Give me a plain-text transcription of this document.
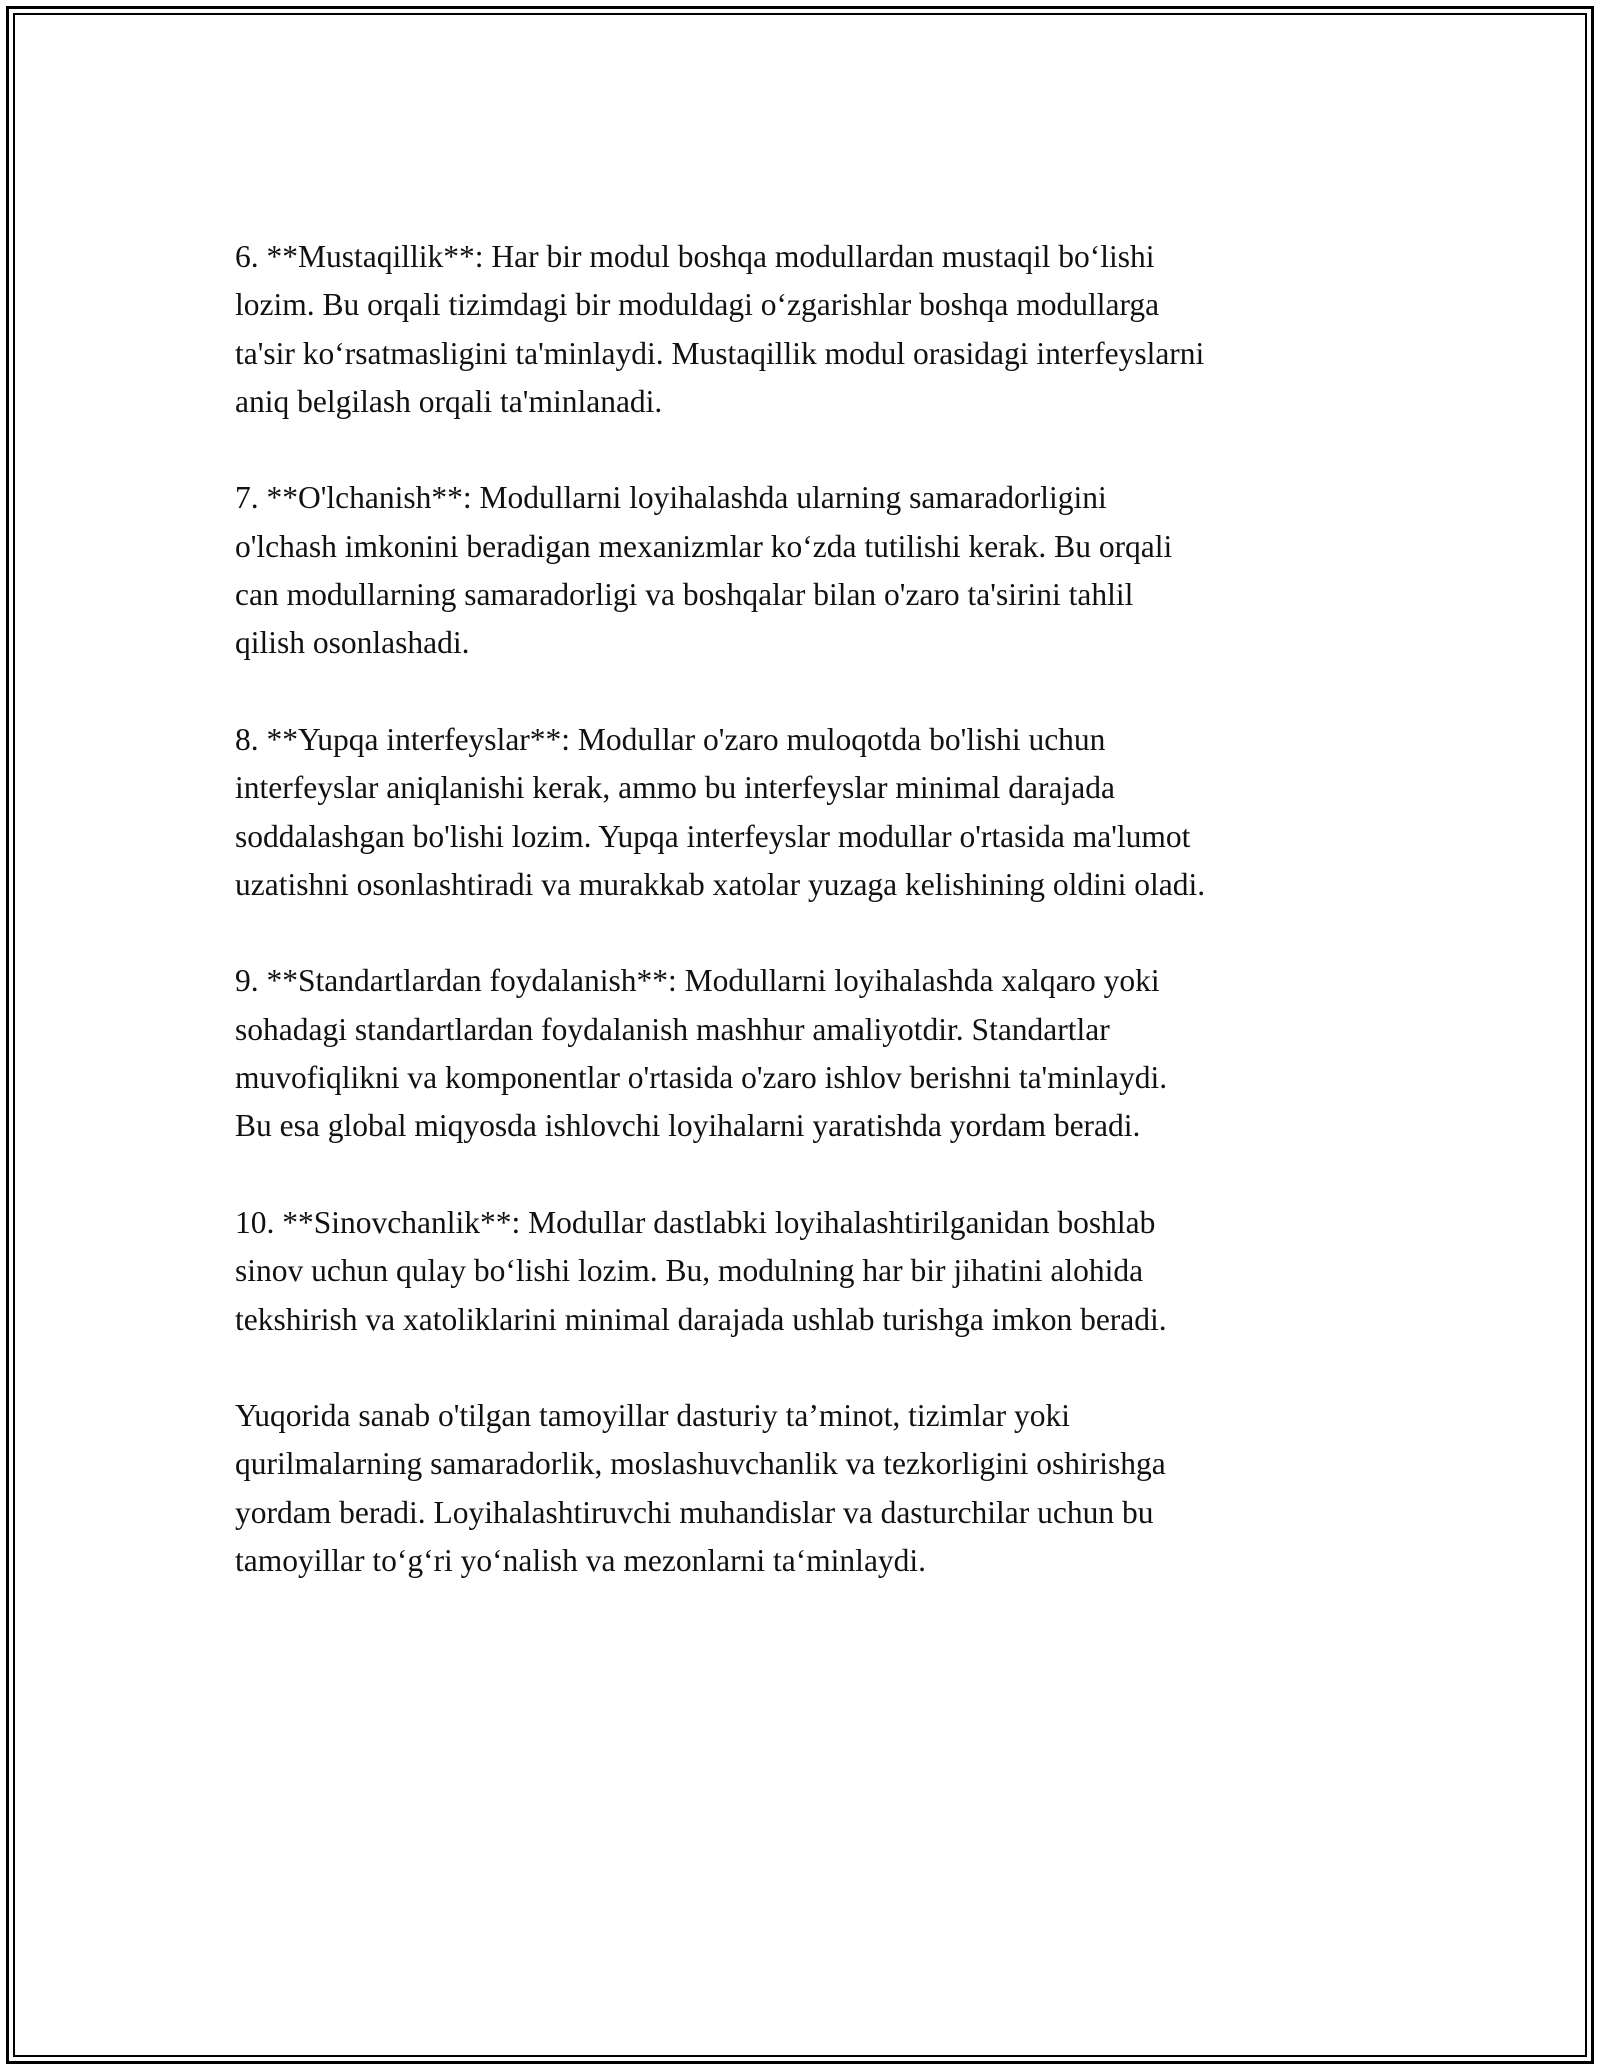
6. **Mustaqillik**: Har bir modul boshqa modullardan mustaqil bo‘lishi
lozim. Bu orqali tizimdagi bir moduldagi o‘zgarishlar boshqa modullarga
ta'sir ko‘rsatmasligini ta'minlaydi. Mustaqillik modul orasidagi interfeyslarni
aniq belgilash orqali ta'minlanadi.

7. **O'lchanish**: Modullarni loyihalashda ularning samaradorligini
o'lchash imkonini beradigan mexanizmlar ko‘zda tutilishi kerak. Bu orqali
can modullarning samaradorligi va boshqalar bilan o'zaro ta'sirini tahlil
qilish osonlashadi.

8. **Yupqa interfeyslar**: Modullar o'zaro muloqotda bo'lishi uchun
interfeyslar aniqlanishi kerak, ammo bu interfeyslar minimal darajada
soddalashgan bo'lishi lozim. Yupqa interfeyslar modullar o'rtasida ma'lumot
uzatishni osonlashtiradi va murakkab xatolar yuzaga kelishining oldini oladi.

9. **Standartlardan foydalanish**: Modullarni loyihalashda xalqaro yoki
sohadagi standartlardan foydalanish mashhur amaliyotdir. Standartlar
muvofiqlikni va komponentlar o'rtasida o'zaro ishlov berishni ta'minlaydi.
Bu esa global miqyosda ishlovchi loyihalarni yaratishda yordam beradi.

10. **Sinovchanlik**: Modullar dastlabki loyihalashtirilganidan boshlab
sinov uchun qulay bo‘lishi lozim. Bu, modulning har bir jihatini alohida
tekshirish va xatoliklarini minimal darajada ushlab turishga imkon beradi.

Yuqorida sanab o'tilgan tamoyillar dasturiy ta’minot, tizimlar yoki
qurilmalarning samaradorlik, moslashuvchanlik va tezkorligini oshirishga
yordam beradi. Loyihalashtiruvchi muhandislar va dasturchilar uchun bu
tamoyillar to‘g‘ri yo‘nalish va mezonlarni ta‘minlaydi.
